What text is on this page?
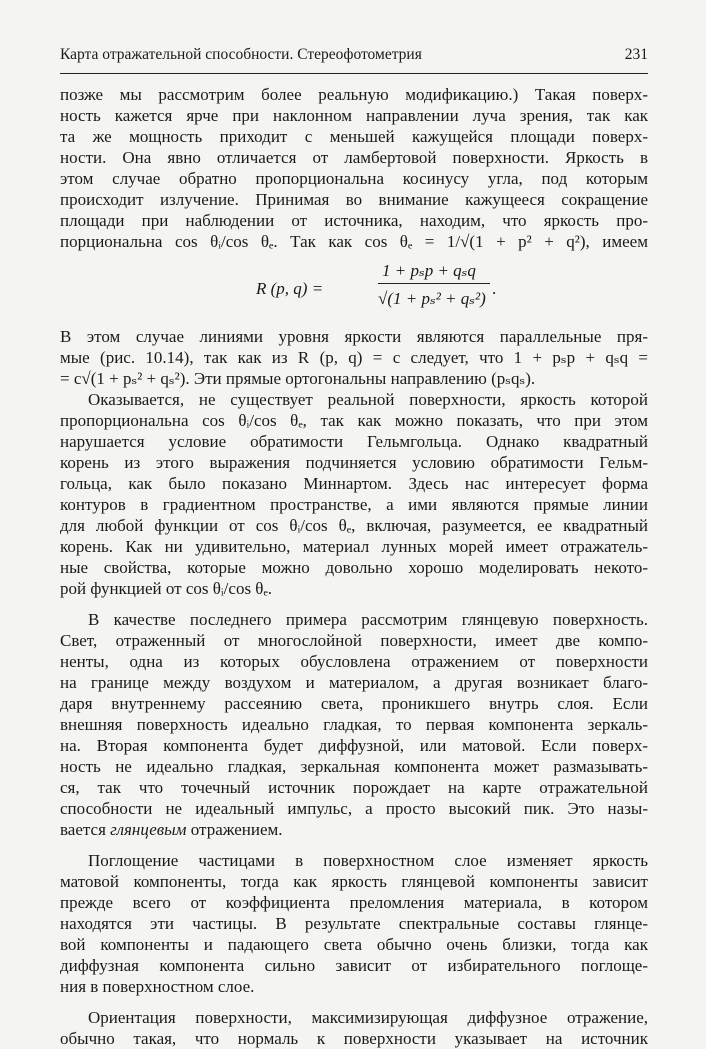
Карта отражательной способности. Стереофотометрия	231

позже мы рассмотрим более реальную модификацию.) Такая поверх-
ность кажется ярче при наклонном направлении луча зрения, так как
та же мощность приходит с меньшей кажущейся площади поверх-
ности. Она явно отличается от ламбертовой поверхности. Яркость в
этом случае обратно пропорциональна косинусу угла, под которым
происходит излучение. Принимая во внимание кажущееся сокращение
площади при наблюдении от источника, находим, что яркость про-
порциональна cos θᵢ/cos θₑ. Так как cos θₑ = 1/√(1 + p² + q²), имеем

R (p, q) =
1 + pₛp + qₛq
√(1 + pₛ² + qₛ²)
.

В этом случае линиями уровня яркости являются параллельные пря-
мые (рис. 10.14), так как из R (p, q) = c следует, что 1 + pₛp + qₛq =
= c√(1 + pₛ² + qₛ²). Эти прямые ортогональны направлению (pₛqₛ).

Оказывается, не существует реальной поверхности, яркость которой
пропорциональна cos θᵢ/cos θₑ, так как можно показать, что при этом
нарушается условие обратимости Гельмгольца. Однако квадратный
корень из этого выражения подчиняется условию обратимости Гельм-
гольца, как было показано Миннартом. Здесь нас интересует форма
контуров в градиентном пространстве, а ими являются прямые линии
для любой функции от cos θᵢ/cos θₑ, включая, разумеется, ее квадратный
корень. Как ни удивительно, материал лунных морей имеет отражатель-
ные свойства, которые можно довольно хорошо моделировать некото-
рой функцией от cos θᵢ/cos θₑ.

В качестве последнего примера рассмотрим глянцевую поверхность.
Свет, отраженный от многослойной поверхности, имеет две компо-
ненты, одна из которых обусловлена отражением от поверхности
на границе между воздухом и материалом, а другая возникает благо-
даря внутреннему рассеянию света, проникшего внутрь слоя. Если
внешняя поверхность идеально гладкая, то первая компонента зеркаль-
на. Вторая компонента будет диффузной, или матовой. Если поверх-
ность не идеально гладкая, зеркальная компонента может размазывать-
ся, так что точечный источник порождает на карте отражательной
способности не идеальный импульс, а просто высокий пик. Это назы-
вается глянцевым отражением.

Поглощение частицами в поверхностном слое изменяет яркость
матовой компоненты, тогда как яркость глянцевой компоненты зависит
прежде всего от коэффициента преломления материала, в котором
находятся эти частицы. В результате спектральные составы глянце-
вой компоненты и падающего света обычно очень близки, тогда как
диффузная компонента сильно зависит от избирательного поглоще-
ния в поверхностном слое.

Ориентация поверхности, максимизирующая диффузное отражение,
обычно такая, что нормаль к поверхности указывает на источник
